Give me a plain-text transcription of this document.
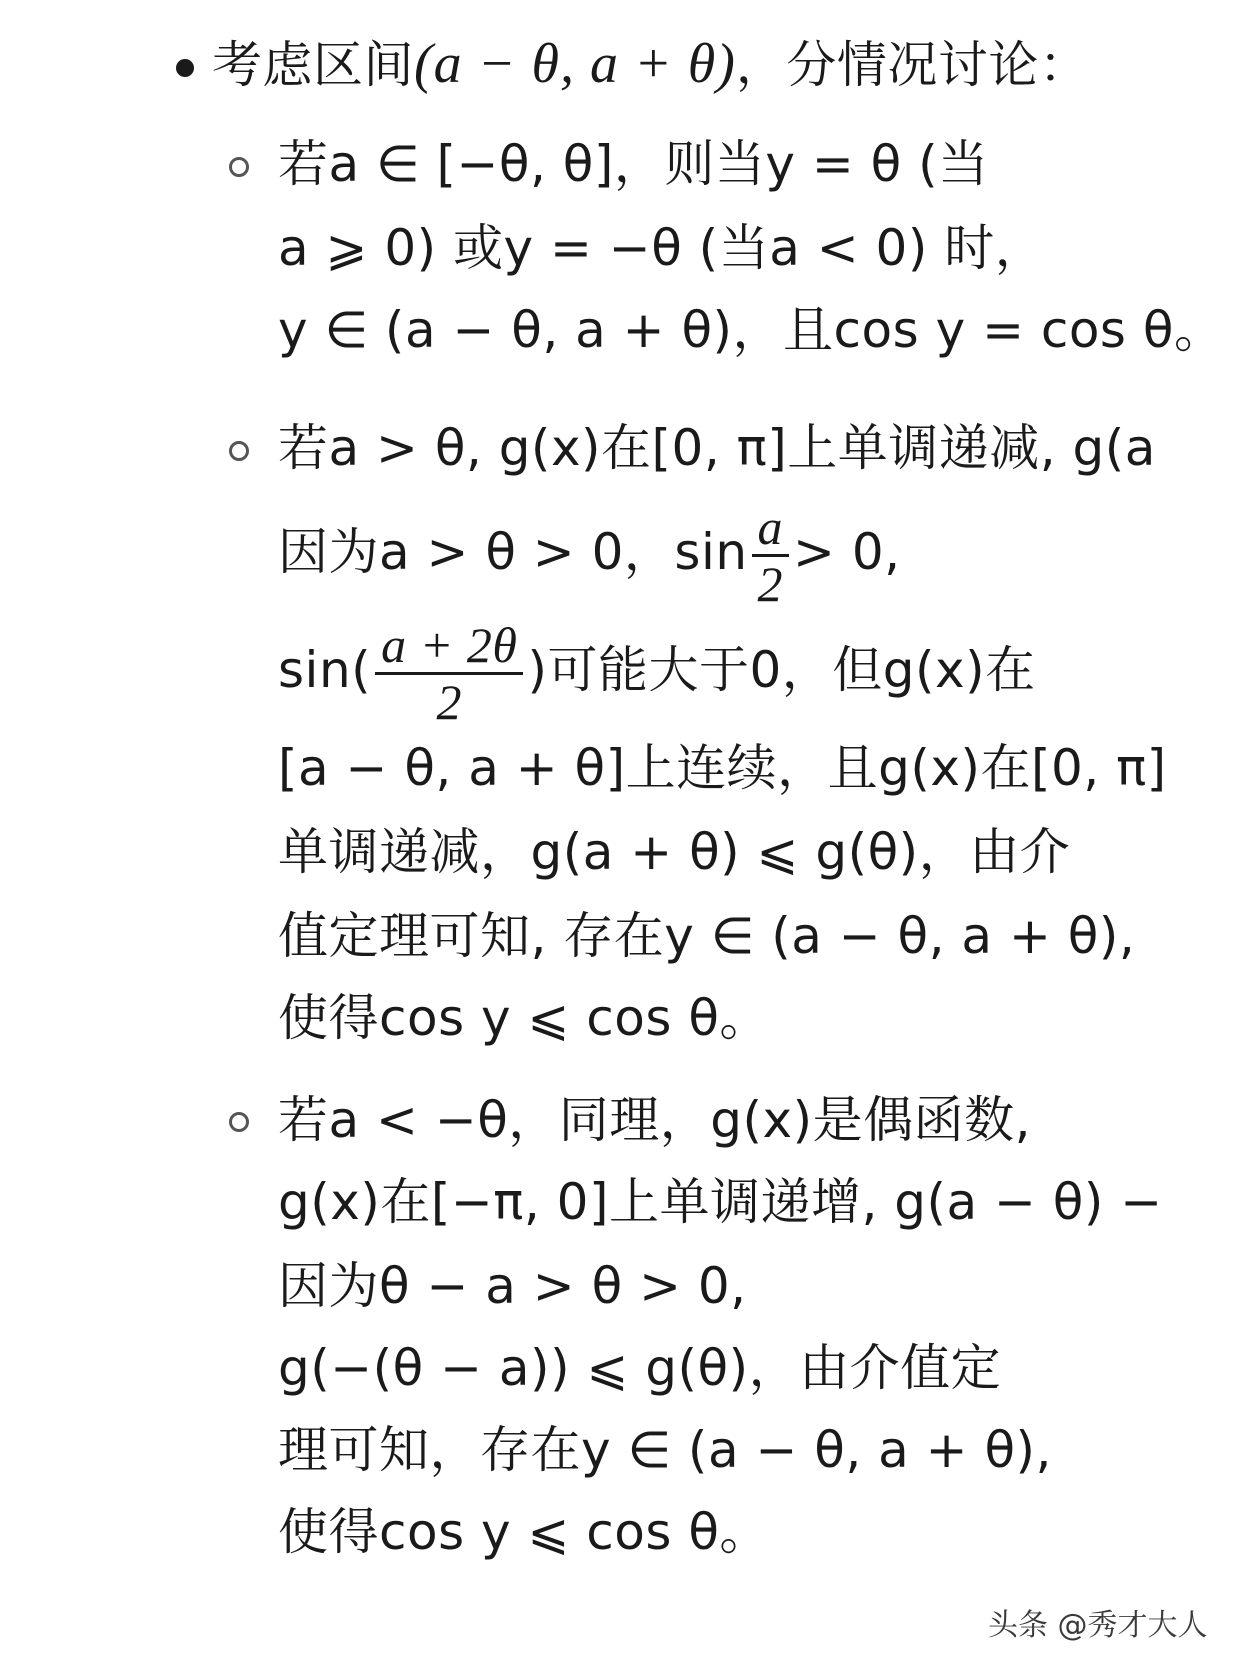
考虑区间(a − θ, a + θ)，分情况讨论：
若a ∈ [−θ, θ]，则当y = θ (当
a ⩾ 0) 或y = −θ (当a < 0) 时，
y ∈ (a − θ, a + θ)，且cos y = cos θ。
若a > θ, g(x)在[0, π]上单调递减, g(a
因为a > θ > 0，$\sin \frac{a}{2} > 0$,
$\sin( \frac{a + 2\theta}{2}$ )可能大于0，但g(x)在
[a − θ, a + θ]上连续，且g(x)在[0, π]
单调递减，g(a + θ) ⩽ g(θ)，由介
值定理可知, 存在y ∈ (a − θ, a + θ),
使得cos y ⩽ cos θ。
若a < −θ，同理，g(x)是偶函数,
g(x)在[−π, 0]上单调递增, g(a − θ) −
因为θ − a > θ > 0,
g(−(θ − a)) ⩽ g(θ)，由介值定
理可知，存在y ∈ (a − θ, a + θ),
使得cos y ⩽ cos θ。
头条 @秀才大人
